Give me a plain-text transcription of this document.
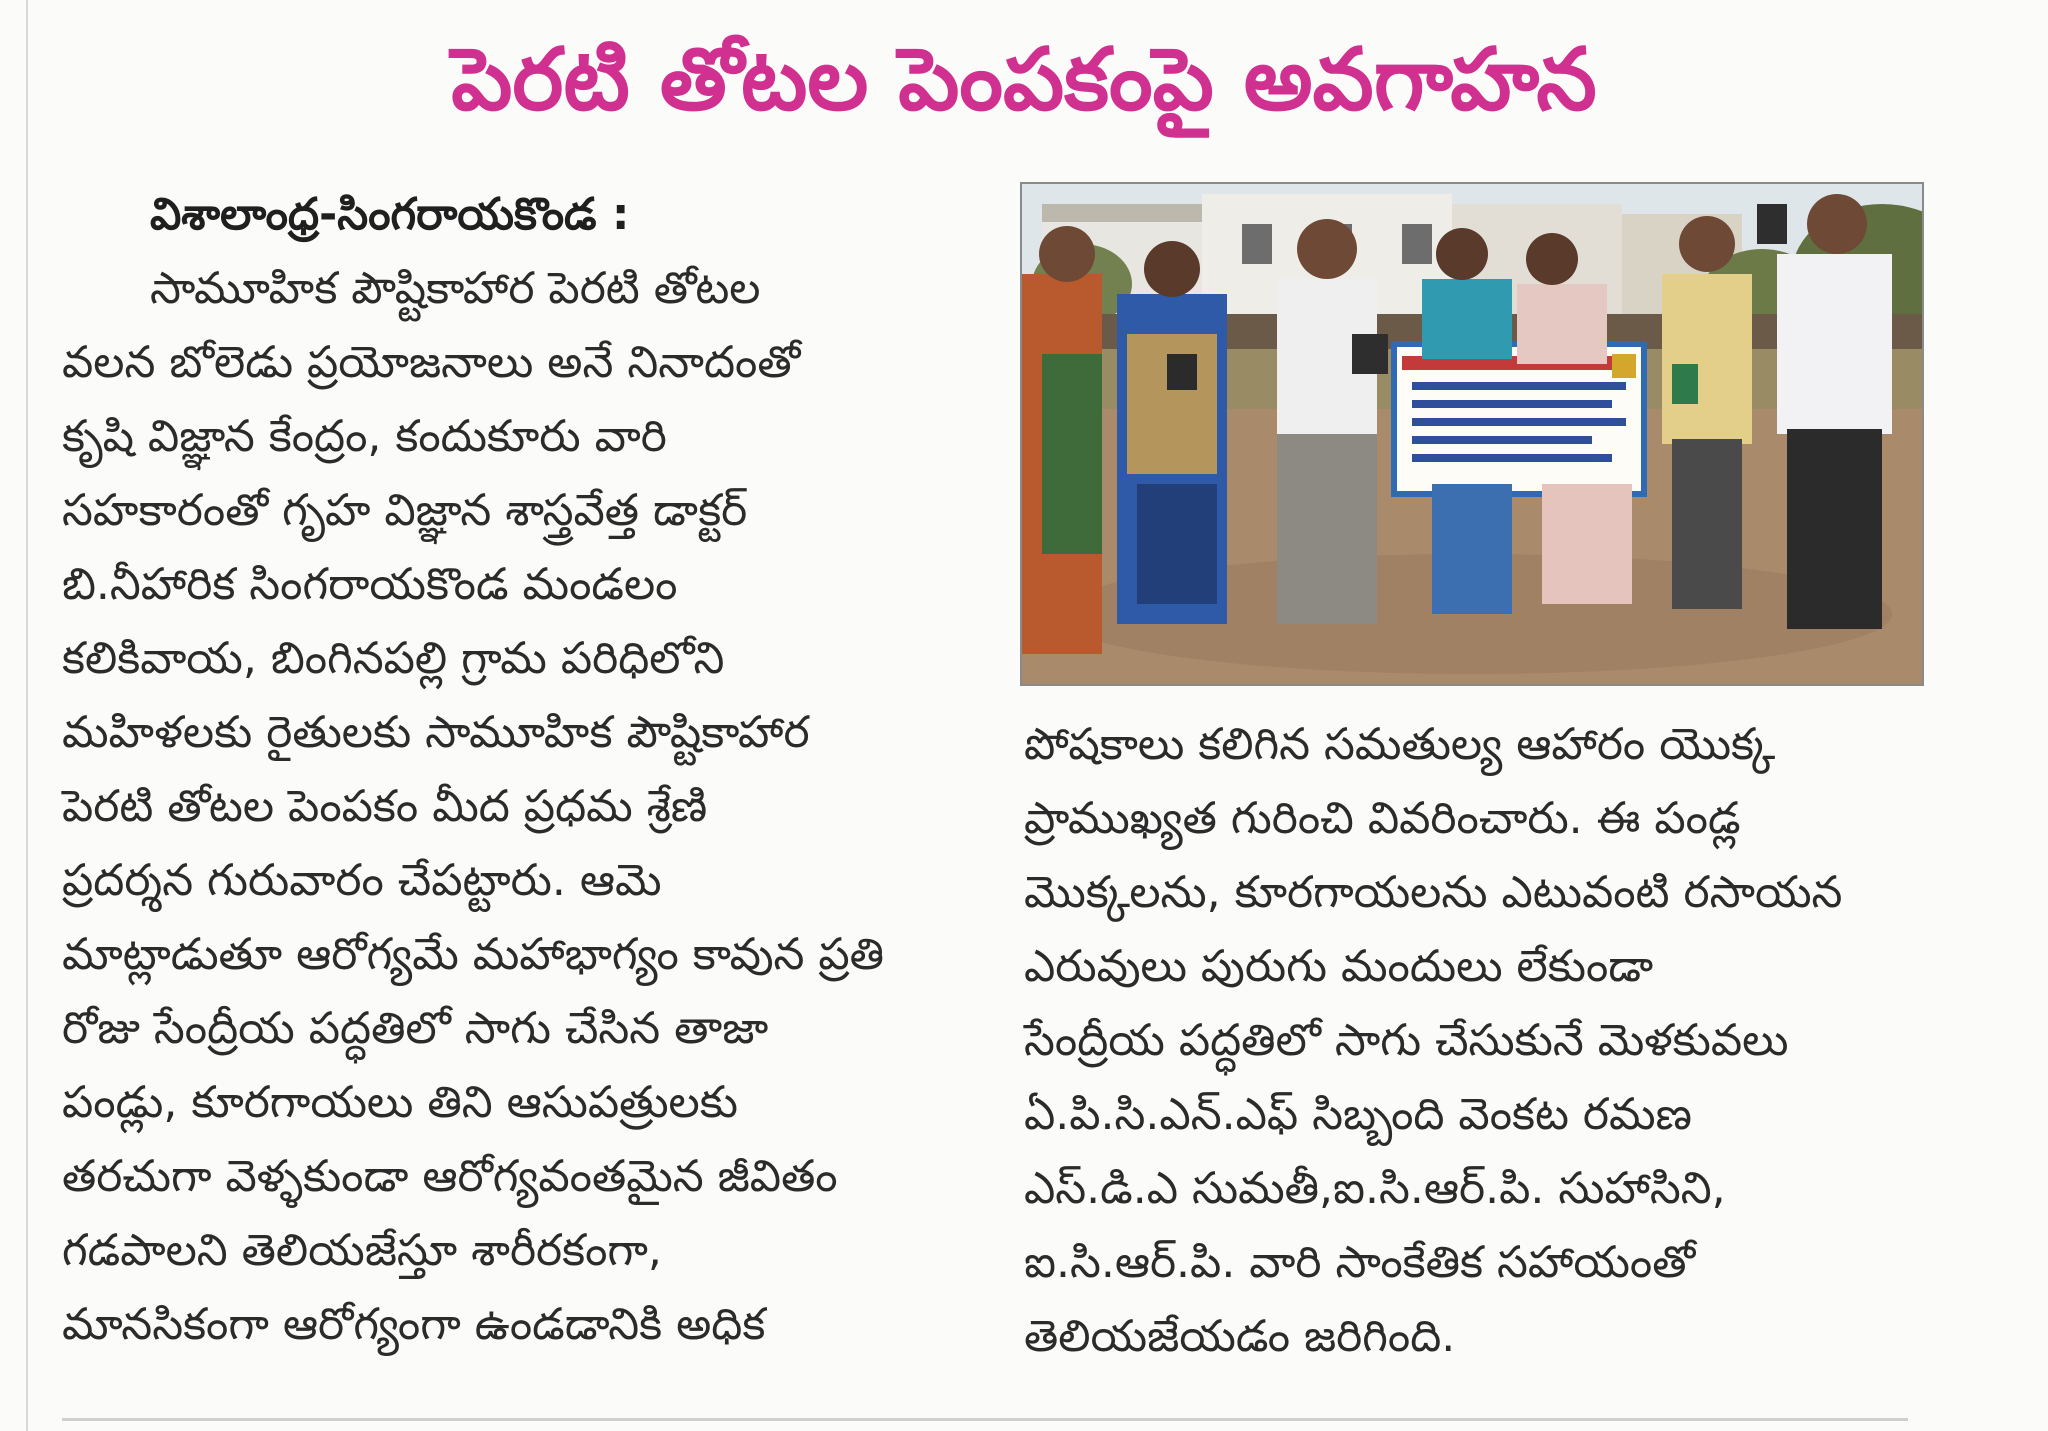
పెరటి తోటల పెంపకంపై అవగాహన
విశాలాంధ్ర-సింగరాయకొండ :
సామూహిక పౌష్టికాహార పెరటి తోటల
వలన బోలెడు ప్రయోజనాలు అనే నినాదంతో
కృషి విజ్ఞాన కేంద్రం, కందుకూరు వారి
సహకారంతో గృహ విజ్ఞాన శాస్త్రవేత్త డాక్టర్
బి.నీహారిక సింగరాయకొండ మండలం
కలికివాయ, బింగినపల్లి గ్రామ పరిధిలోని
మహిళలకు రైతులకు సామూహిక పౌష్టికాహార
పెరటి తోటల పెంపకం మీద ప్రధమ శ్రేణి
ప్రదర్శన గురువారం చేపట్టారు. ఆమె
మాట్లాడుతూ ఆరోగ్యమే మహాభాగ్యం కావున ప్రతి
రోజు సేంద్రీయ పద్ధతిలో సాగు చేసిన తాజా
పండ్లు, కూరగాయలు తిని ఆసుపత్రులకు
తరచుగా వెళ్ళకుండా ఆరోగ్యవంతమైన జీవితం
గడపాలని తెలియజేస్తూ శారీరకంగా,
మానసికంగా ఆరోగ్యంగా ఉండడానికి అధిక
పోషకాలు కలిగిన సమతుల్య ఆహారం యొక్క
ప్రాముఖ్యత గురించి వివరించారు. ఈ పండ్ల
మొక్కలను, కూరగాయలను ఎటువంటి రసాయన
ఎరువులు పురుగు మందులు లేకుండా
సేంద్రీయ పద్ధతిలో సాగు చేసుకునే మెళకువలు
ఏ.పి.సి.ఎన్.ఎఫ్ సిబ్బంది వెంకట రమణ
ఎస్.డి.ఎ సుమతీ,ఐ.సి.ఆర్.పి. సుహాసిని,
ఐ.సి.ఆర్.పి. వారి సాంకేతిక సహాయంతో
తెలియజేయడం జరిగింది.
